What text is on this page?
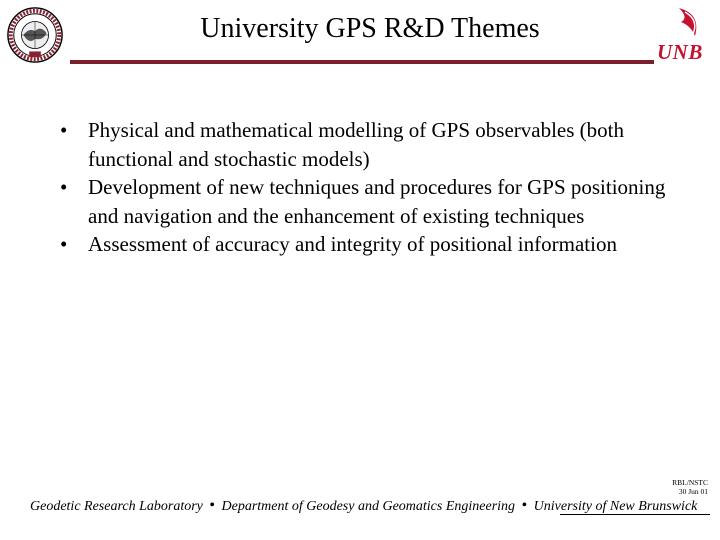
University GPS R&D Themes
UNB
• Physical and mathematical modelling of GPS observables (both functional and stochastic models)
• Development of new techniques and procedures for GPS positioning and navigation and the enhancement of existing techniques
• Assessment of accuracy and integrity of positional information
RBL/NSTC
30 Jun 01
Geodetic Research Laboratory • Department of Geodesy and Geomatics Engineering • University of New Brunswick
